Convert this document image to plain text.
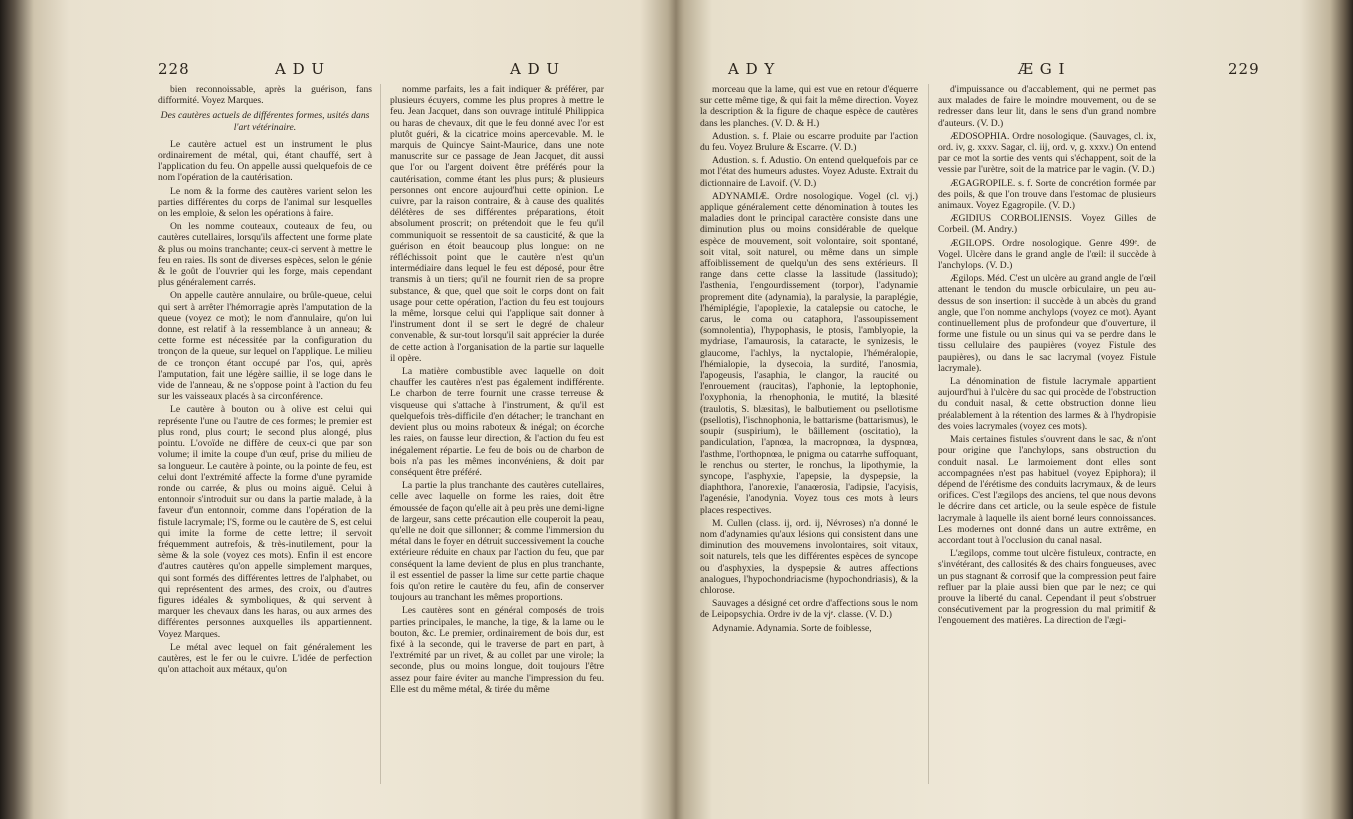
228	A D U	A D U

bien reconnoissable, après la guérison, fans difformité. Voyez Marques.

Des cautères actuels de différentes formes, usités dans l'art vétérinaire.

Le cautère actuel est un instrument le plus ordinairement de métal, qui, étant chauffé, sert à l'application du feu. On appelle aussi quelquefois de ce nom l'opération de la cautérisation.

Le nom & la forme des cautères varient selon les parties différentes du corps de l'animal sur lesquelles on les emploie, & selon les opérations à faire.

On les nomme couteaux, couteaux de feu, ou cautères cutellaires, lorsqu'ils affectent une forme plate & plus ou moins tranchante; ceux-ci servent à mettre le feu en raies. Ils sont de diverses espèces, selon le génie & le goût de l'ouvrier qui les forge, mais cependant plus généralement carrés.

On appelle cautère annulaire, ou brûle-queue, celui qui sert à arrêter l'hémorragie après l'amputation de la queue (voyez ce mot); le nom d'annulaire, qu'on lui donne, est relatif à la ressemblance à un anneau; & cette forme est nécessitée par la configuration du tronçon de la queue, sur lequel on l'applique. Le milieu de ce tronçon étant occupé par l'os, qui, après l'amputation, fait une légère saillie, il se loge dans le vide de l'anneau, & ne s'oppose point à l'action du feu sur les vaisseaux placés à sa circonférence.

Le cautère à bouton ou à olive est celui qui représente l'une ou l'autre de ces formes; le premier est plus rond, plus court; le second plus alongé, plus pointu. L'ovoïde ne diffère de ceux-ci que par son volume; il imite la coupe d'un œuf, prise du milieu de sa longueur. Le cautère à pointe, ou la pointe de feu, est celui dont l'extrémité affecte la forme d'une pyramide ronde ou carrée, & plus ou moins aiguë. Celui à entonnoir s'introduit sur ou dans la partie malade, à la faveur d'un entonnoir, comme dans l'opération de la fistule lacrymale; l'S, forme ou le cautère de S, est celui qui imite la forme de cette lettre; il servoit fréquemment autrefois, & très-inutilement, pour la sème & la sole (voyez ces mots). Enfin il est encore d'autres cautères qu'on appelle simplement marques, qui sont formés des différentes lettres de l'alphabet, ou qui représentent des armes, des croix, ou d'autres figures idéales & symboliques, & qui servent à marquer les chevaux dans les haras, ou aux armes des différentes personnes auxquelles ils appartiennent. Voyez Marques.

Le métal avec lequel on fait généralement les cautères, est le fer ou le cuivre. L'idée de perfection qu'on attachoit aux métaux, qu'on

nomme parfaits, les a fait indiquer & préférer, par plusieurs écuyers, comme les plus propres à mettre le feu. Jean Jacquet, dans son ouvrage intitulé Philippica ou haras de chevaux, dit que le feu donné avec l'or est plutôt guéri, & la cicatrice moins apercevable. M. le marquis de Quincye Saint-Maurice, dans une note manuscrite sur ce passage de Jean Jacquet, dit aussi que l'or ou l'argent doivent être préférés pour la cautérisation, comme étant les plus purs; & plusieurs personnes ont encore aujourd'hui cette opinion. Le cuivre, par la raison contraire, & à cause des qualités délétères de ses différentes préparations, étoit absolument proscrit; on prétendoit que le feu qu'il communiquoit se ressentoit de sa causticité, & que la guérison en étoit beaucoup plus longue: on ne réfléchissoit point que le cautère n'est qu'un intermédiaire dans lequel le feu est déposé, pour être transmis à un tiers; qu'il ne fournit rien de sa propre substance, & que, quel que soit le corps dont on fait usage pour cette opération, l'action du feu est toujours la même, lorsque celui qui l'applique sait donner à l'instrument dont il se sert le degré de chaleur convenable, & sur-tout lorsqu'il sait apprécier la durée de cette action à l'organisation de la partie sur laquelle il opère.

La matière combustible avec laquelle on doit chauffer les cautères n'est pas également indifférente. Le charbon de terre fournit une crasse terreuse & visqueuse qui s'attache à l'instrument, & qu'il est quelquefois très-difficile d'en détacher; le tranchant en devient plus ou moins raboteux & inégal; on écorche les raies, on fausse leur direction, & l'action du feu est inégalement répartie. Le feu de bois ou de charbon de bois n'a pas les mêmes inconvéniens, & doit par conséquent être préféré.

La partie la plus tranchante des cautères cutellaires, celle avec laquelle on forme les raies, doit être émoussée de façon qu'elle ait à peu près une demi-ligne de largeur, sans cette précaution elle couperoit la peau, qu'elle ne doit que sillonner; & comme l'immersion du métal dans le foyer en détruit successivement la couche extérieure réduite en chaux par l'action du feu, que par conséquent la lame devient de plus en plus tranchante, il est essentiel de passer la lime sur cette partie chaque fois qu'on retire le cautère du feu, afin de conserver toujours au tranchant les mêmes proportions.

Les cautères sont en général composés de trois parties principales, le manche, la tige, & la lame ou le bouton, &c. Le premier, ordinairement de bois dur, est fixé à la seconde, qui le traverse de part en part, à l'extrémité par un rivet, & au collet par une virole; la seconde, plus ou moins longue, doit toujours l'être assez pour faire éviter au manche l'impression du feu. Elle est du même métal, & tirée du même

A D Y	Æ G I	229

morceau que la lame, qui est vue en retour d'équerre sur cette même tige, & qui fait la même direction. Voyez la description & la figure de chaque espèce de cautères dans les planches. (V. D. & H.)

Adustion. s. f. Plaie ou escarre produite par l'action du feu. Voyez Brulure & Escarre. (V. D.)

Adustion. s. f. Adustio. On entend quelquefois par ce mot l'état des humeurs adustes. Voyez Aduste. Extrait du dictionnaire de Lavoif. (V. D.)

ADYNAMIÆ. Ordre nosologique. Vogel (cl. vj.) applique généralement cette dénomination à toutes les maladies dont le principal caractère consiste dans une diminution plus ou moins considérable de quelque espèce de mouvement, soit volontaire, soit spontané, soit vital, soit naturel, ou même dans un simple affoiblissement de quelqu'un des sens extérieurs. Il range dans cette classe la lassitude (lassitudo); l'asthenia, l'engourdissement (torpor), l'adynamie proprement dite (adynamia), la paralysie, la paraplégie, l'hémiplégie, l'apoplexie, la catalepsie ou catoche, le carus, le coma ou cataphora, l'assoupissement (somnolentia), l'hypophasis, le ptosis, l'amblyopie, la mydriase, l'amaurosis, la cataracte, le synizesis, le glaucome, l'achlys, la nyctalopie, l'héméralopie, l'hémialopie, la dysecoia, la surdité, l'anosmia, l'apogeusis, l'asaphia, le clangor, la raucité ou l'enrouement (raucitas), l'aphonie, la leptophonie, l'oxyphonia, la rhenophonia, le mutité, la blæsité (traulotis, S. blæsitas), le balbutiement ou psellotisme (psellotis), l'ischnophonia, le battarisme (battarismus), le soupir (suspirium), le bâillement (oscitatio), la pandiculation, l'apnœa, la macropnœa, la dyspnœa, l'asthme, l'orthopnœa, le pnigma ou catarrhe suffoquant, le renchus ou sterter, le ronchus, la lipothymie, la syncope, l'asphyxie, l'apepsie, la dyspepsie, la diaphthora, l'anorexie, l'anaœrosia, l'adipsie, l'acyisis, l'agenésie, l'anodynia. Voyez tous ces mots à leurs places respectives.

M. Cullen (class. ij, ord. ij, Névroses) n'a donné le nom d'adynamies qu'aux lésions qui consistent dans une diminution des mouvemens involontaires, soit vitaux, soit naturels, tels que les différentes espèces de syncope ou d'asphyxies, la dyspepsie & autres affections analogues, l'hypochondriacisme (hypochondriasis), & la chlorose.

Sauvages a désigné cet ordre d'affections sous le nom de Leipopsychia. Ordre iv de la vjᵉ. classe. (V. D.)

Adynamie. Adynamia. Sorte de foiblesse,

d'impuissance ou d'accablement, qui ne permet pas aux malades de faire le moindre mouvement, ou de se redresser dans leur lit, dans le sens d'un grand nombre d'auteurs. (V. D.)

ÆDOSOPHIA. Ordre nosologique. (Sauvages, cl. ix, ord. iv, g. xxxv. Sagar, cl. iij, ord. v, g. xxxv.) On entend par ce mot la sortie des vents qui s'échappent, soit de la vessie par l'urètre, soit de la matrice par le vagin. (V. D.)

ÆGAGROPILE. s. f. Sorte de concrétion formée par des poils, & que l'on trouve dans l'estomac de plusieurs animaux. Voyez Egagropile. (V. D.)

ÆGIDIUS CORBOLIENSIS. Voyez Gilles de Corbeil. (M. Andry.)

ÆGILOPS. Ordre nosologique. Genre 499ᵉ. de Vogel. Ulcère dans le grand angle de l'œil: il succède à l'anchylops. (V. D.)

Ægilops. Méd. C'est un ulcère au grand angle de l'œil attenant le tendon du muscle orbiculaire, un peu au-dessus de son insertion: il succède à un abcès du grand angle, que l'on nomme anchylops (voyez ce mot). Ayant continuellement plus de profondeur que d'ouverture, il forme une fistule ou un sinus qui va se perdre dans le tissu cellulaire des paupières (voyez Fistule des paupières), ou dans le sac lacrymal (voyez Fistule lacrymale).

La dénomination de fistule lacrymale appartient aujourd'hui à l'ulcère du sac qui procède de l'obstruction du conduit nasal, & cette obstruction donne lieu préalablement à la rétention des larmes & à l'hydropisie des voies lacrymales (voyez ces mots).

Mais certaines fistules s'ouvrent dans le sac, & n'ont pour origine que l'anchylops, sans obstruction du conduit nasal. Le larmoiement dont elles sont accompagnées n'est pas habituel (voyez Epiphora); il dépend de l'érétisme des conduits lacrymaux, & de leurs orifices. C'est l'ægilops des anciens, tel que nous devons le décrire dans cet article, ou la seule espèce de fistule lacrymale à laquelle ils aient borné leurs connoissances. Les modernes ont donné dans un autre extrême, en accordant tout à l'occlusion du canal nasal.

L'ægilops, comme tout ulcère fistuleux, contracte, en s'invétérant, des callosités & des chairs fongueuses, avec un pus stagnant & corrosif que la compression peut faire refluer par la plaie aussi bien que par le nez; ce qui prouve la liberté du canal. Cependant il peut s'obstruer consécutivement par la progression du mal primitif & l'engouement des matières. La direction de l'ægi-
